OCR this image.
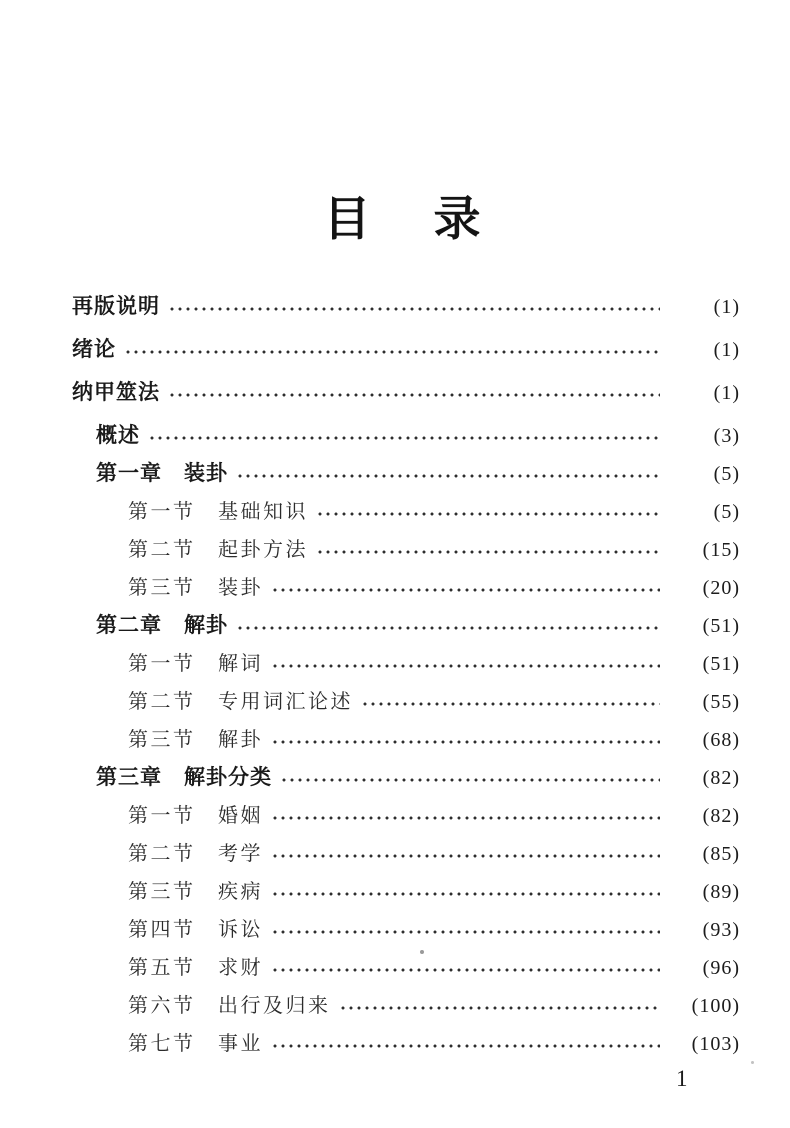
目　录
再版说明	(1)
绪论	(1)
纳甲筮法	(1)
概述	(3)
第一章　装卦	(5)
第一节　基础知识	(5)
第二节　起卦方法	(15)
第三节　装卦	(20)
第二章　解卦	(51)
第一节　解词	(51)
第二节　专用词汇论述	(55)
第三节　解卦	(68)
第三章　解卦分类	(82)
第一节　婚姻	(82)
第二节　考学	(85)
第三节　疾病	(89)
第四节　诉讼	(93)
第五节　求财	(96)
第六节　出行及归来	(100)
第七节　事业	(103)
1
